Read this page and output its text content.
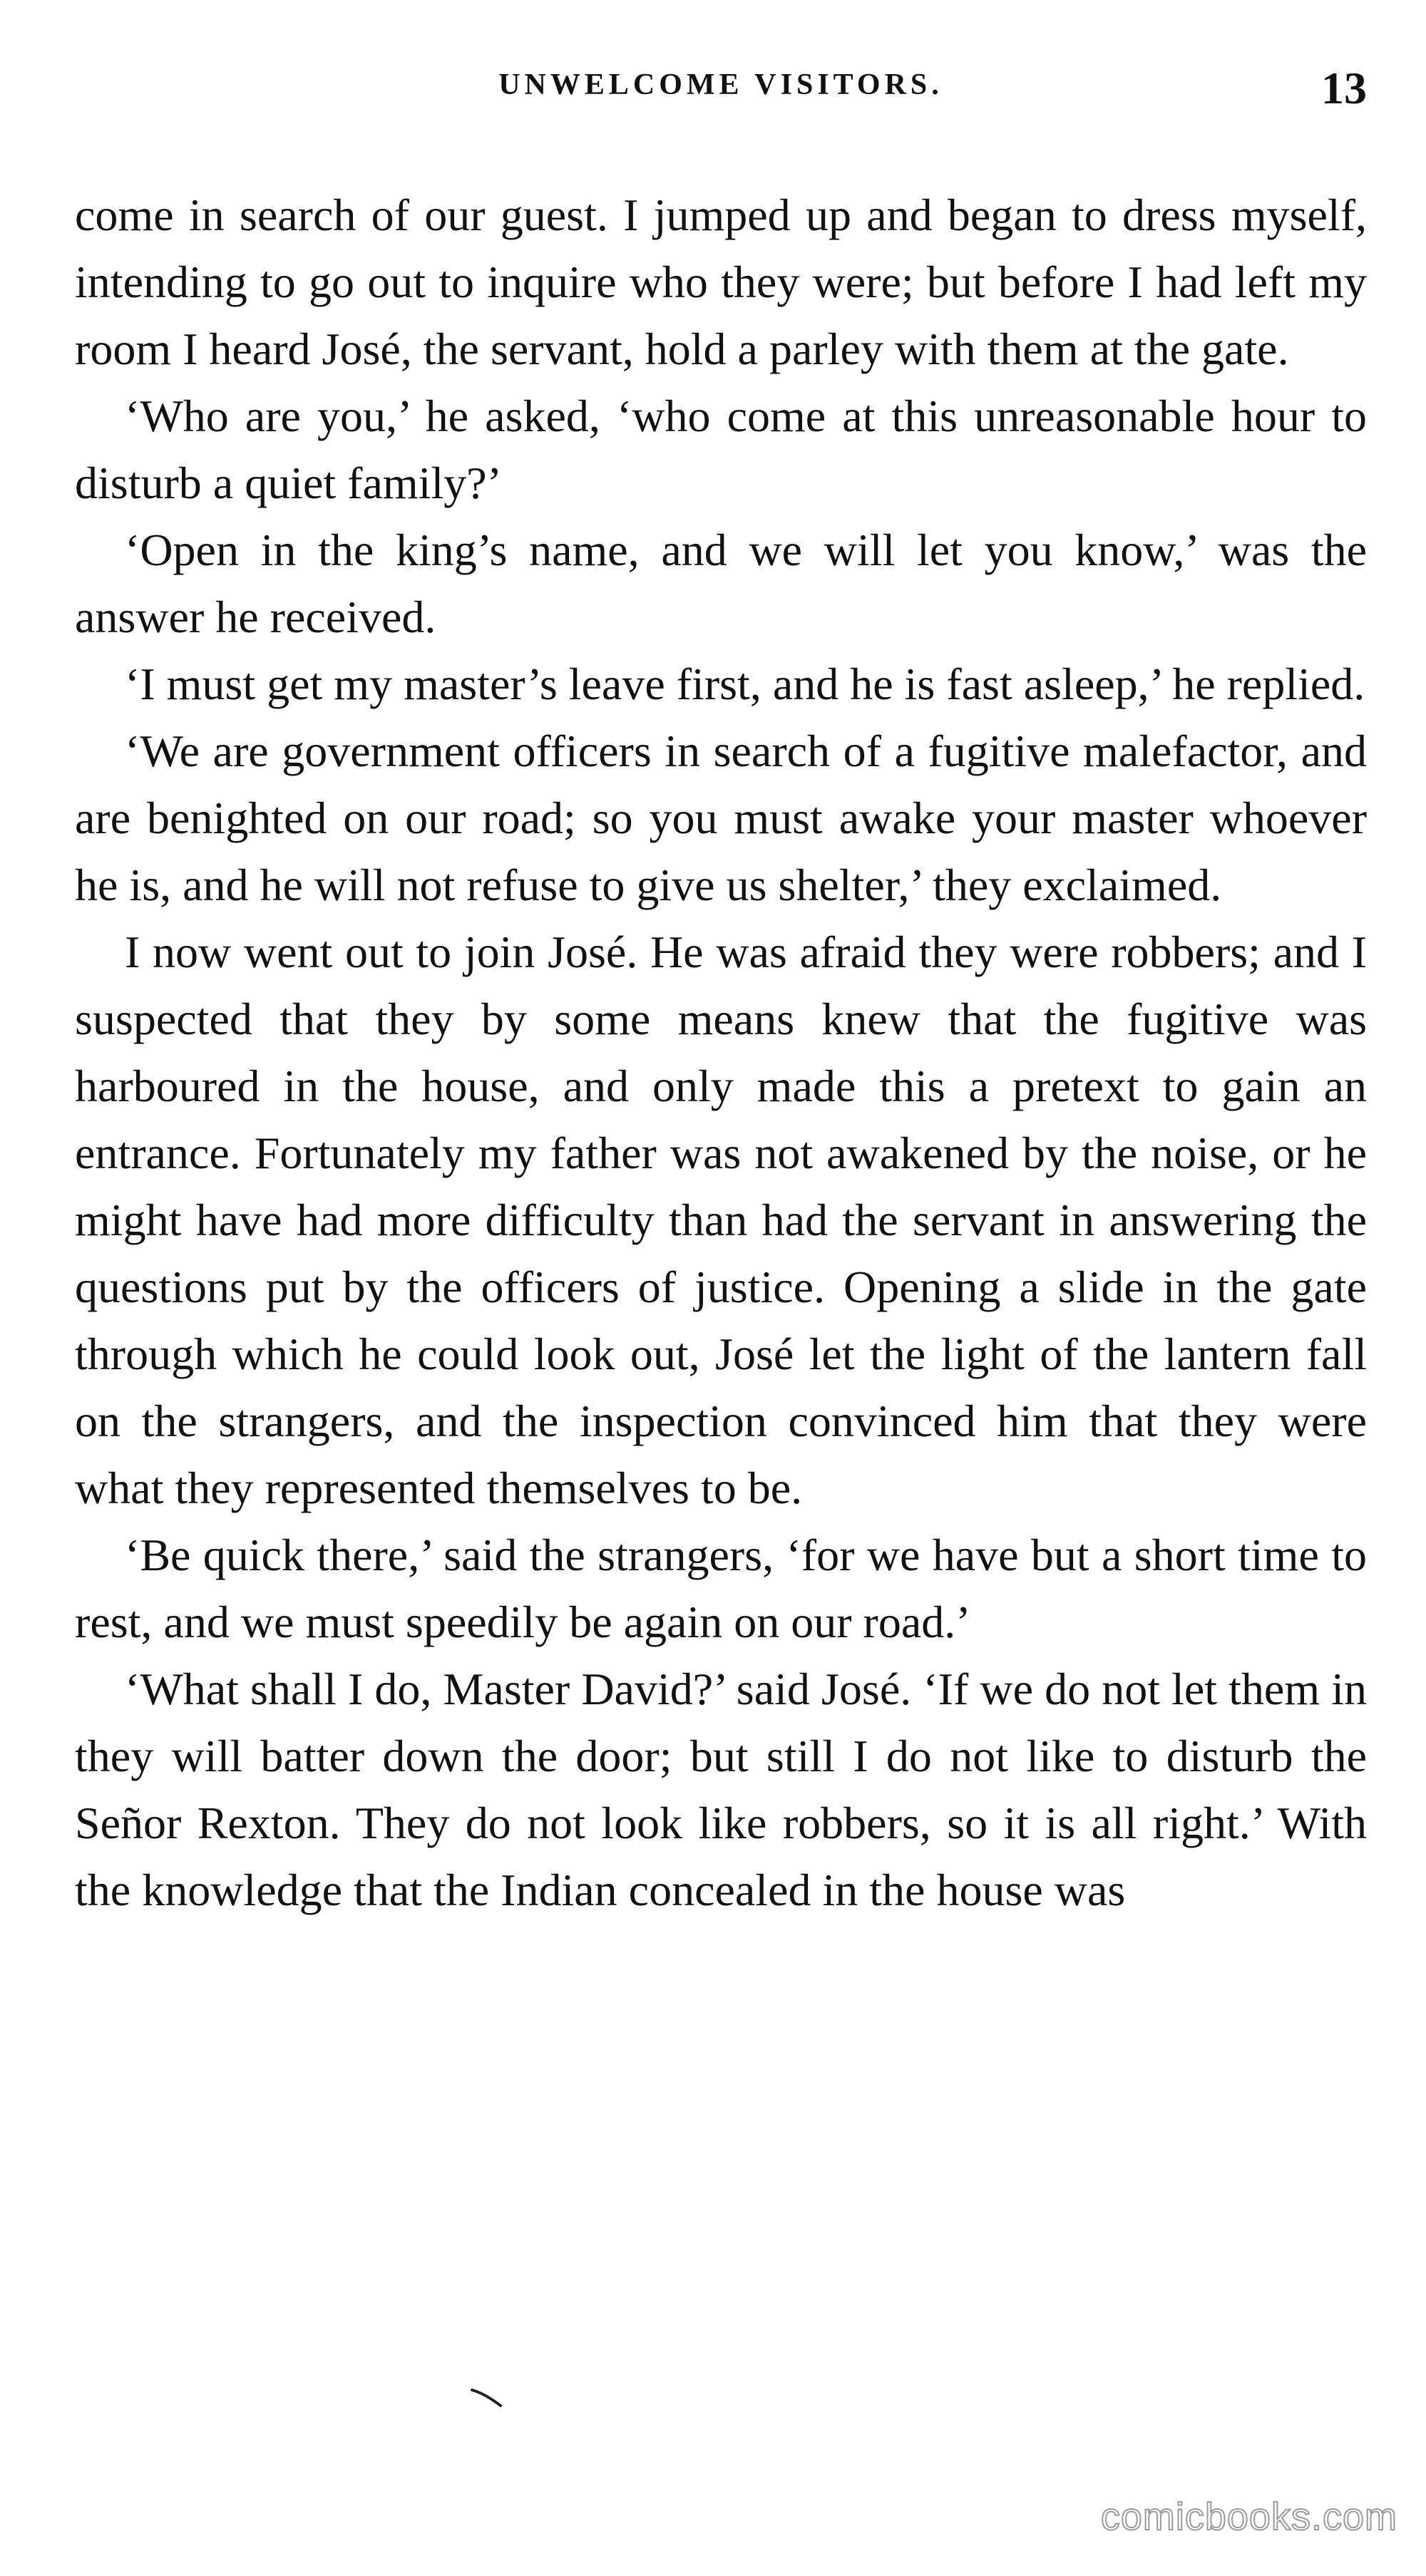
UNWELCOME VISITORS.	13

come in search of our guest. I jumped up and began to dress myself, intending to go out to inquire who they were; but before I had left my room I heard José, the servant, hold a parley with them at the gate.

‘Who are you,’ he asked, ‘who come at this unreasonable hour to disturb a quiet family?’

‘Open in the king’s name, and we will let you know,’ was the answer he received.

‘I must get my master’s leave first, and he is fast asleep,’ he replied.

‘We are government officers in search of a fugitive malefactor, and are benighted on our road; so you must awake your master whoever he is, and he will not refuse to give us shelter,’ they exclaimed.

I now went out to join José. He was afraid they were robbers; and I suspected that they by some means knew that the fugitive was harboured in the house, and only made this a pretext to gain an entrance. Fortunately my father was not awakened by the noise, or he might have had more difficulty than had the servant in answering the questions put by the officers of justice. Opening a slide in the gate through which he could look out, José let the light of the lantern fall on the strangers, and the inspection convinced him that they were what they represented themselves to be.

‘Be quick there,’ said the strangers, ‘for we have but a short time to rest, and we must speedily be again on our road.’

‘What shall I do, Master David?’ said José. ‘If we do not let them in they will batter down the door; but still I do not like to disturb the Señor Rexton. They do not look like robbers, so it is all right.’ With the knowledge that the Indian concealed in the house was

comicbooks.com
